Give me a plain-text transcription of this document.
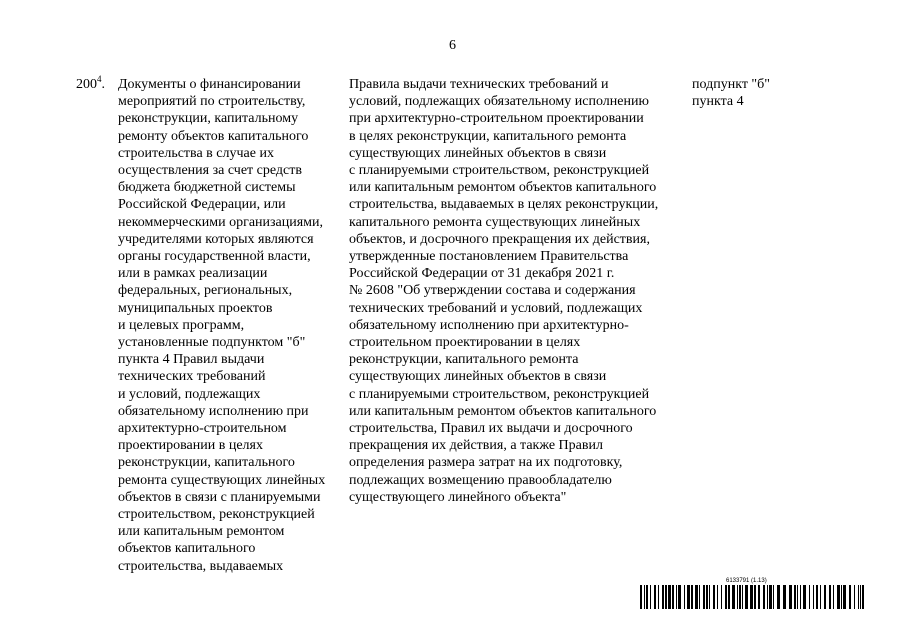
6
$200^4$. Документы о финансировании
мероприятий по строительству,
реконструкции, капитальному
ремонту объектов капитального
строительства в случае их
осуществления за счет средств
бюджета бюджетной системы
Российской Федерации, или
некоммерческими организациями,
учредителями которых являются
органы государственной власти,
или в рамках реализации
федеральных, региональных,
муниципальных проектов
и целевых программ,
установленные подпунктом "б"
пункта 4 Правил выдачи
технических требований
и условий, подлежащих
обязательному исполнению при
архитектурно-строительном
проектировании в целях
реконструкции, капитального
ремонта существующих линейных
объектов в связи с планируемыми
строительством, реконструкцией
или капитальным ремонтом
объектов капитального
строительства, выдаваемых
Правила выдачи технических требований и
условий, подлежащих обязательному исполнению
при архитектурно-строительном проектировании
в целях реконструкции, капитального ремонта
существующих линейных объектов в связи
с планируемыми строительством, реконструкцией
или капитальным ремонтом объектов капитального
строительства, выдаваемых в целях реконструкции,
капитального ремонта существующих линейных
объектов, и досрочного прекращения их действия,
утвержденные постановлением Правительства
Российской Федерации от 31 декабря 2021 г.
№ 2608 "Об утверждении состава и содержания
технических требований и условий, подлежащих
обязательному исполнению при архитектурно-
строительном проектировании в целях
реконструкции, капитального ремонта
существующих линейных объектов в связи
с планируемыми строительством, реконструкцией
или капитальным ремонтом объектов капитального
строительства, Правил их выдачи и досрочного
прекращения их действия, а также Правил
определения размера затрат на их подготовку,
подлежащих возмещению правообладателю
существующего линейного объекта"
подпункт "б"
пункта 4
6133791 (1.13)
